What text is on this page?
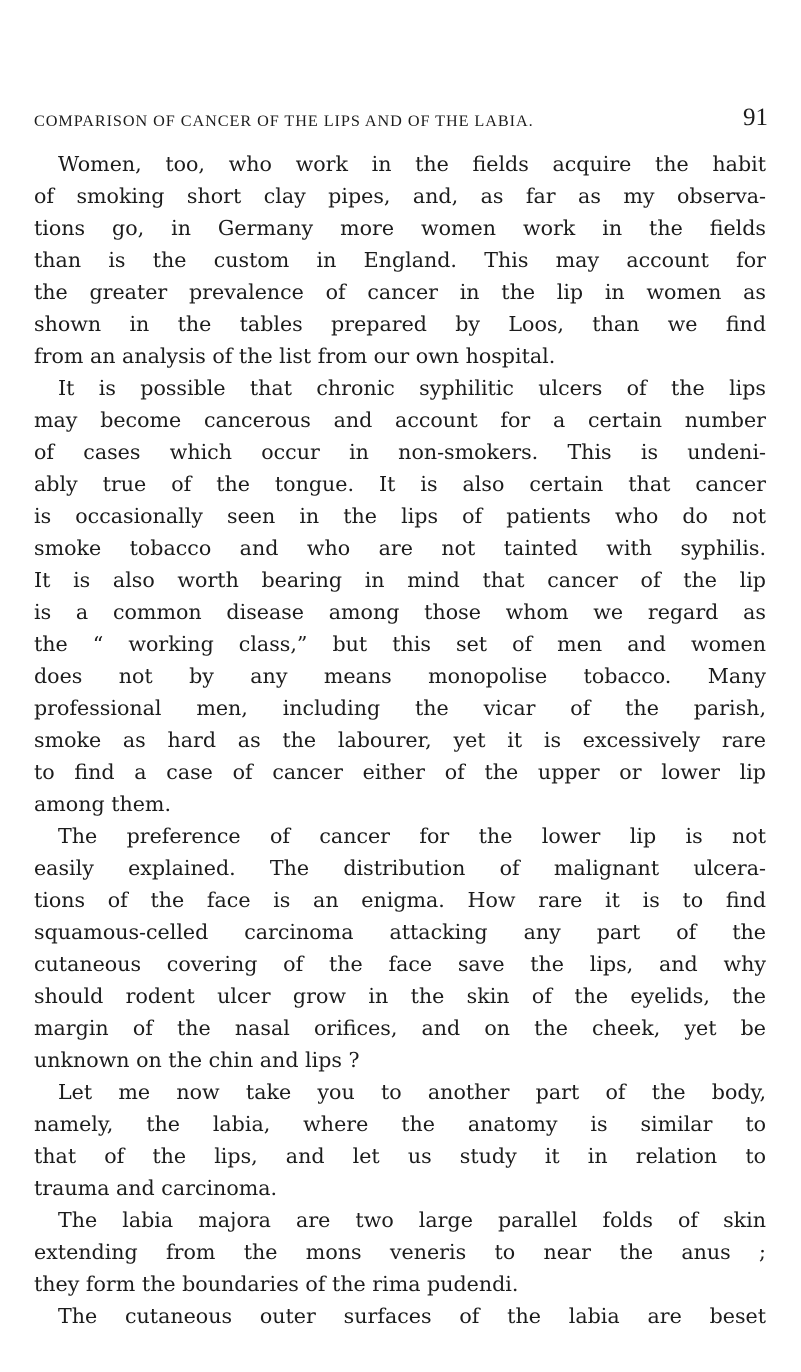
COMPARISON OF CANCER OF THE LIPS AND OF THE LABIA.	91
Women, too, who work in the fields acquire the habit
of smoking short clay pipes, and, as far as my observa-
tions go, in Germany more women work in the fields
than is the custom in England. This may account for
the greater prevalence of cancer in the lip in women as
shown in the tables prepared by Loos, than we find
from an analysis of the list from our own hospital.
It is possible that chronic syphilitic ulcers of the lips
may become cancerous and account for a certain number
of cases which occur in non-smokers. This is undeni-
ably true of the tongue. It is also certain that cancer
is occasionally seen in the lips of patients who do not
smoke tobacco and who are not tainted with syphilis.
It is also worth bearing in mind that cancer of the lip
is a common disease among those whom we regard as
the “ working class,” but this set of men and women
does not by any means monopolise tobacco. Many
professional men, including the vicar of the parish,
smoke as hard as the labourer, yet it is excessively rare
to find a case of cancer either of the upper or lower lip
among them.
The preference of cancer for the lower lip is not
easily explained. The distribution of malignant ulcera-
tions of the face is an enigma. How rare it is to find
squamous-celled carcinoma attacking any part of the
cutaneous covering of the face save the lips, and why
should rodent ulcer grow in the skin of the eyelids, the
margin of the nasal orifices, and on the cheek, yet be
unknown on the chin and lips ?
Let me now take you to another part of the body,
namely, the labia, where the anatomy is similar to
that of the lips, and let us study it in relation to
trauma and carcinoma.
The labia majora are two large parallel folds of skin
extending from the mons veneris to near the anus ;
they form the boundaries of the rima pudendi.
The cutaneous outer surfaces of the labia are beset
